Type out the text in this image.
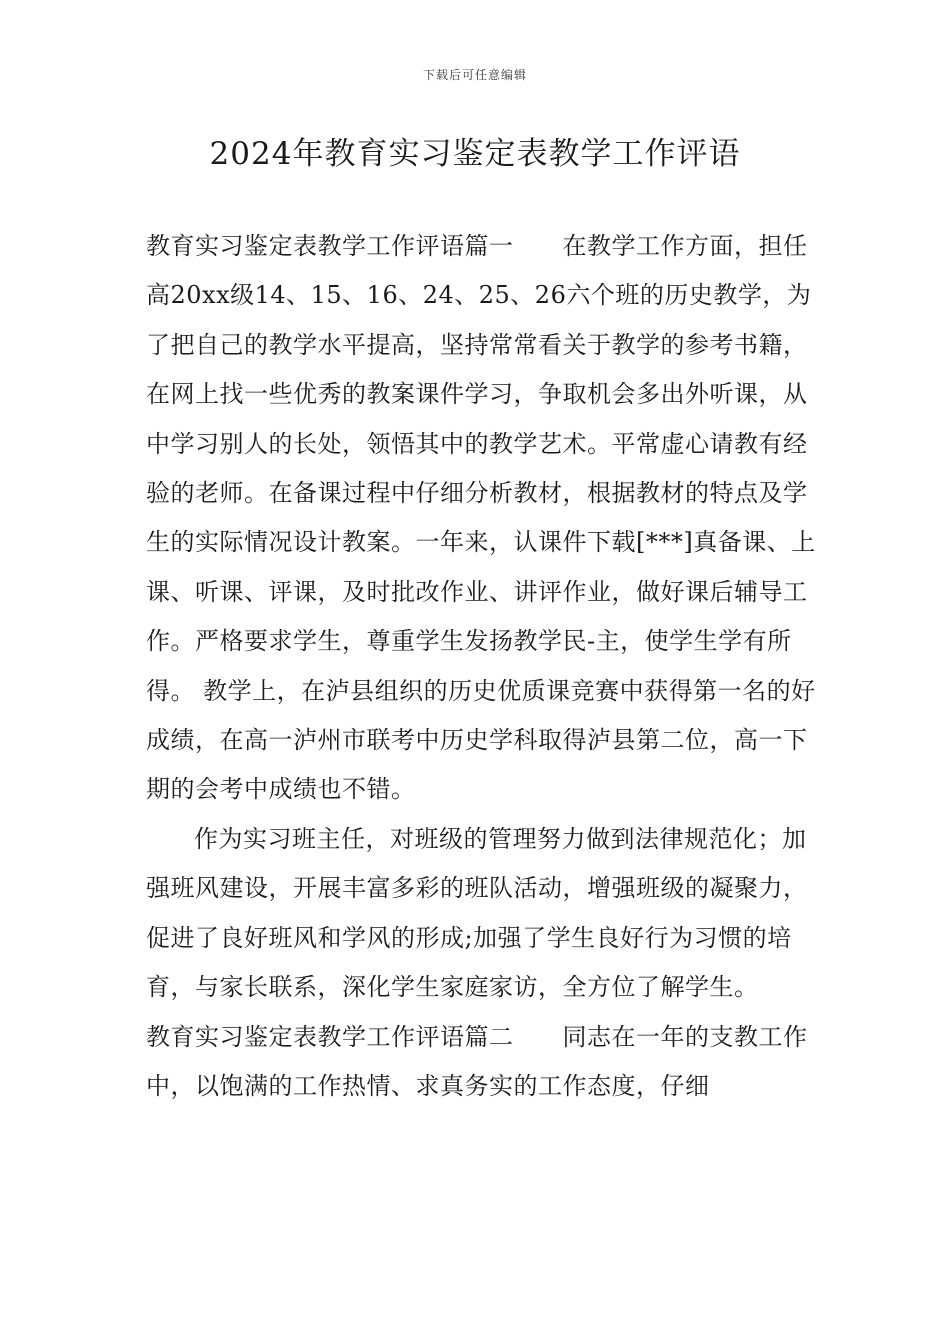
下载后可任意编辑
2024年教育实习鉴定表教学工作评语

教育实习鉴定表教学工作评语篇一　　在教学工作方面，担任高20xx级14、15、16、24、25、26六个班的历史教学，为了把自己的教学水平提高，坚持常常看关于教学的参考书籍，在网上找一些优秀的教案课件学习，争取机会多出外听课，从中学习别人的长处，领悟其中的教学艺术。平常虚心请教有经验的老师。在备课过程中仔细分析教材，根据教材的特点及学生的实际情况设计教案。一年来，认课件下载[***]真备课、上课、听课、评课，及时批改作业、讲评作业，做好课后辅导工作。严格要求学生，尊重学生发扬教学民-主，使学生学有所得。 教学上，在泸县组织的历史优质课竞赛中获得第一名的好成绩，在高一泸州市联考中历史学科取得泸县第二位，高一下期的会考中成绩也不错。

作为实习班主任，对班级的管理努力做到法律规范化；加强班风建设，开展丰富多彩的班队活动，增强班级的凝聚力，促进了良好班风和学风的形成;加强了学生良好行为习惯的培育，与家长联系，深化学生家庭家访，全方位了解学生。

教育实习鉴定表教学工作评语篇二　　同志在一年的支教工作中，以饱满的工作热情、求真务实的工作态度，仔细
